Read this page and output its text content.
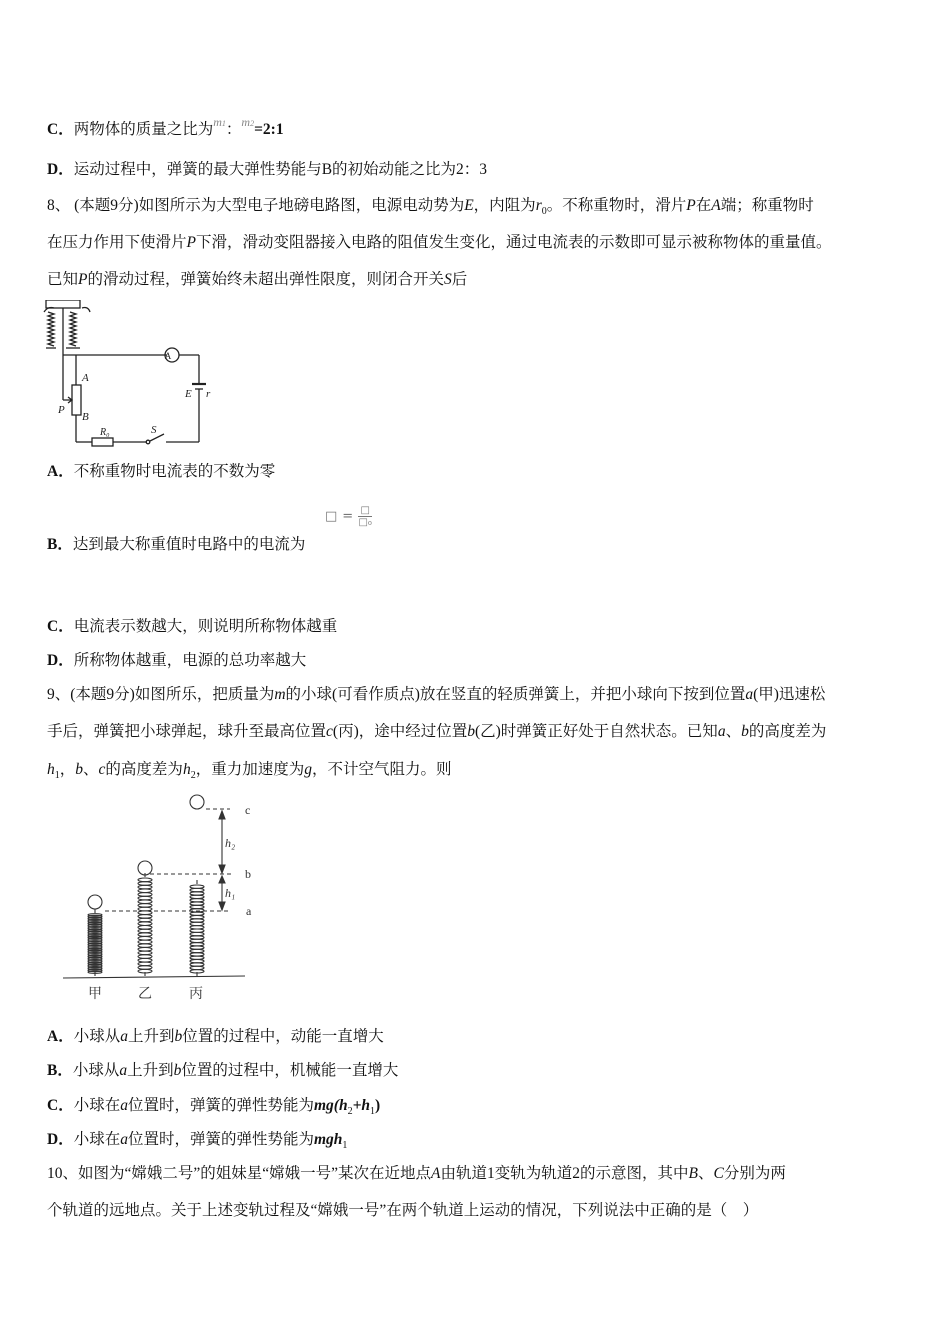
C．两物体的质量之比为$^{m1}$：$^{m2}$=2:1
D．运动过程中，弹簧的最大弹性势能与B的初始动能之比为2：3
8、 (本题9分)如图所示为大型电子地磅电路图，电源电动势为E，内阻为$r_0$。不称重物时，滑片P在A端；称重物时
在压力作用下使滑片P下滑，滑动变阻器接入电路的阻值发生变化，通过电流表的示数即可显示被称物体的重量值。
已知P的滑动过程，弹簧始终未超出弹性限度，则闭合开关S后
A
A
B
P
E r
R₀	S
A．不称重物时电流表的不数为零
□ = $\frac{□}{\text{□₀}}$
B．达到最大称重值时电路中的电流为
C．电流表示数越大，则说明所称物体越重
D．所称物体越重，电源的总功率越大
9、(本题9分)如图所乐，把质量为m的小球(可看作质点)放在竖直的轻质弹簧上，并把小球向下按到位置a(甲)迅速松
手后，弹簧把小球弹起，球升至最高位置c(丙)，途中经过位置b(乙)时弹簧正好处于自然状态。已知a、b的高度差为
$h_1$，b、c的高度差为$h_2$，重力加速度为g，不计空气阻力。则
c
b
a
h₂
h₁
甲	乙	丙
A．小球从a上升到b位置的过程中，动能一直增大
B．小球从a上升到b位置的过程中，机械能一直增大
C．小球在a位置时，弹簧的弹性势能为$mg(h_2+h_1)$
D．小球在a位置时，弹簧的弹性势能为mgh$_1$
10、如图为“嫦娥二号”的姐妹星“嫦娥一号”某次在近地点A由轨道1变轨为轨道2的示意图，其中B、C分别为两
个轨道的远地点。关于上述变轨过程及“嫦娥一号”在两个轨道上运动的情况，下列说法中正确的是（　）
